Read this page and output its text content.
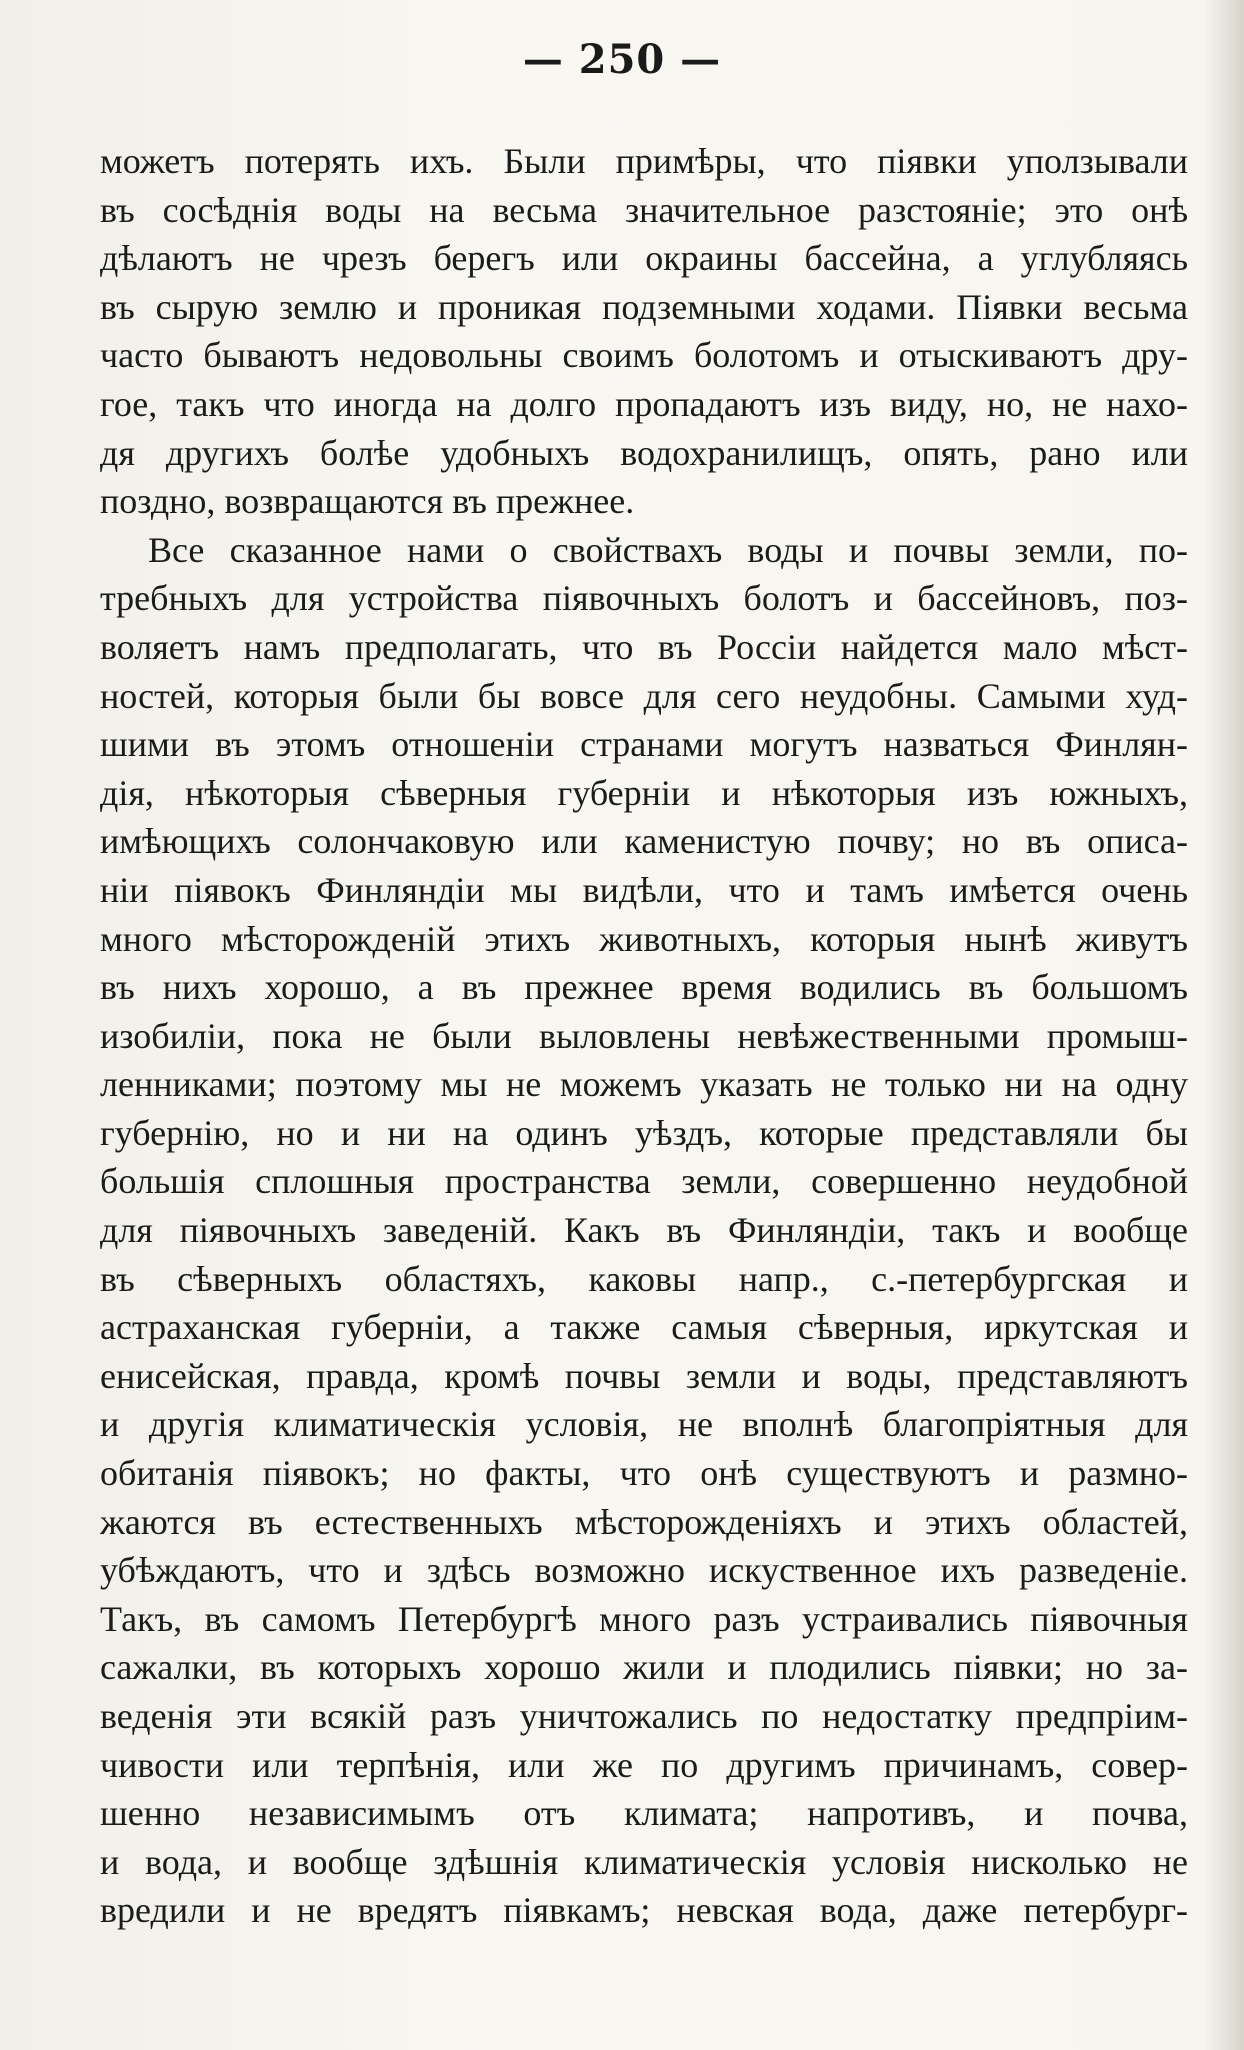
— 250 —
можетъ потерять ихъ. Были примѣры, что піявки уползывали
въ сосѣднія воды на весьма значительное разстояніе; это онѣ
дѣлаютъ не чрезъ берегъ или окраины бассейна, а углубляясь
въ сырую землю и проникая подземными ходами. Піявки весьма
часто бываютъ недовольны своимъ болотомъ и отыскиваютъ дру-
гое, такъ что иногда на долго пропадаютъ изъ виду, но, не нахо-
дя другихъ болѣе удобныхъ водохранилищъ, опять, рано или
поздно, возвращаются въ прежнее.
Все сказанное нами о свойствахъ воды и почвы земли, по-
требныхъ для устройства піявочныхъ болотъ и бассейновъ, поз-
воляетъ намъ предполагать, что въ Россіи найдется мало мѣст-
ностей, которыя были бы вовсе для сего неудобны. Самыми худ-
шими въ этомъ отношеніи странами могутъ назваться Финлян-
дія, нѣкоторыя сѣверныя губерніи и нѣкоторыя изъ южныхъ,
имѣющихъ солончаковую или каменистую почву; но въ описа-
ніи піявокъ Финляндіи мы видѣли, что и тамъ имѣется очень
много мѣсторожденій этихъ животныхъ, которыя нынѣ живутъ
въ нихъ хорошо, а въ прежнее время водились въ большомъ
изобиліи, пока не были выловлены невѣжественными промыш-
ленниками; поэтому мы не можемъ указать не только ни на одну
губернію, но и ни на одинъ уѣздъ, которые представляли бы
большія сплошныя пространства земли, совершенно неудобной
для піявочныхъ заведеній. Какъ въ Финляндіи, такъ и вообще
въ сѣверныхъ областяхъ, каковы напр., с.-петербургская и
астраханская губерніи, а также самыя сѣверныя, иркутская и
енисейская, правда, кромѣ почвы земли и воды, представляютъ
и другія климатическія условія, не вполнѣ благопріятныя для
обитанія піявокъ; но факты, что онѣ существуютъ и размно-
жаются въ естественныхъ мѣсторожденіяхъ и этихъ областей,
убѣждаютъ, что и здѣсь возможно искуственное ихъ разведеніе.
Такъ, въ самомъ Петербургѣ много разъ устраивались піявочныя
сажалки, въ которыхъ хорошо жили и плодились піявки; но за-
веденія эти всякій разъ уничтожались по недостатку предпріим-
чивости или терпѣнія, или же по другимъ причинамъ, совер-
шенно независимымъ отъ климата; напротивъ, и почва,
и вода, и вообще здѣшнія климатическія условія нисколько не
вредили и не вредятъ піявкамъ; невская вода, даже петербург-
